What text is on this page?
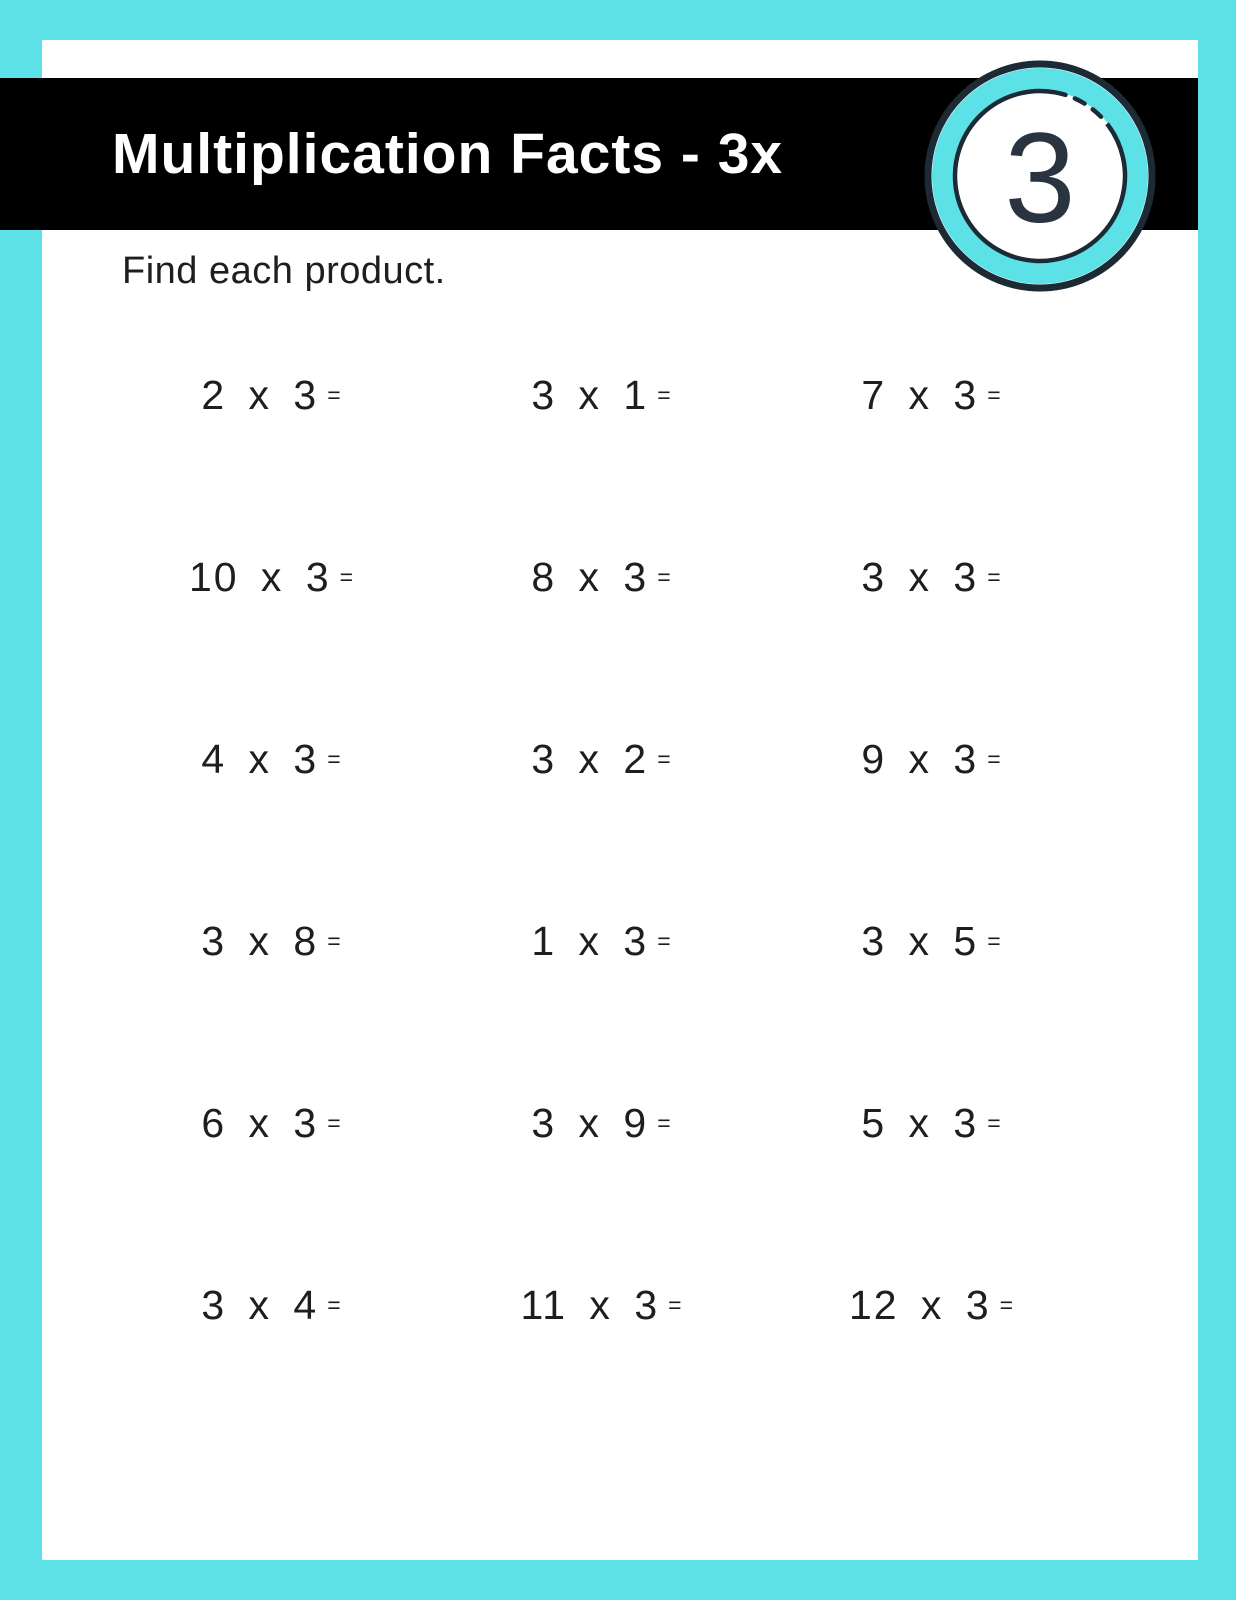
Multiplication Facts - 3x 3
Find each product.
2 x 3 =	3 x 1 =	7 x 3 =
10 x 3 =	8 x 3 =	3 x 3 =
4 x 3 =	3 x 2 =	9 x 3 =
3 x 8 =	1 x 3 =	3 x 5 =
6 x 3 =	3 x 9 =	5 x 3 =
3 x 4 =	11 x 3 =	12 x 3 =
